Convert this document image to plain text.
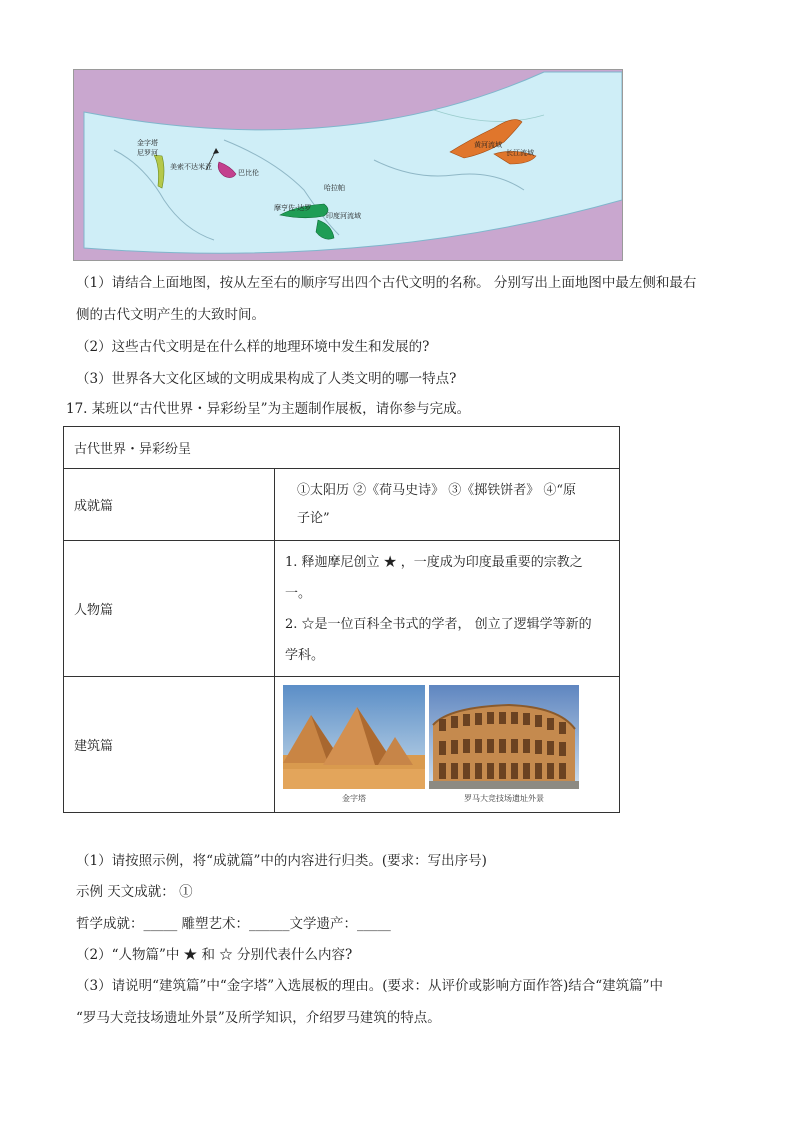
金字塔
尼罗河
美索不达米亚
巴比伦
摩亨佐·达罗
哈拉帕
印度河流域
黄河流域
长江流域
（1）请结合上面地图，按从左至右的顺序写出四个古代文明的名称。 分别写出上面地图中最左侧和最右
侧的古代文明产生的大致时间。
（2）这些古代文明是在什么样的地理环境中发生和发展的?
（3）世界各大文化区域的文明成果构成了人类文明的哪一特点?
17. 某班以“古代世界・异彩纷呈”为主题制作展板，请你参与完成。
古代世界・异彩纷呈	
成就篇	①太阳历 ②《荷马史诗》 ③《掷铁饼者》 ④“原
子论”

人物篇	1. 释迦摩尼创立 ★ ，一度成为印度最重要的宗教之
一。
2. ☆是一位百科全书式的学者， 创立了逻辑学等新的
学科。

建筑篇	金字塔 罗马大竞技场遗址外景
（1）请按照示例，将“成就篇”中的内容进行归类。(要求：写出序号)
示例 天文成就： ①
哲学成就：_____ 雕塑艺术：______文学遗产：_____
（2）“人物篇”中 ★ 和 ☆ 分别代表什么内容?
（3）请说明“建筑篇”中“金字塔”入选展板的理由。(要求：从评价或影响方面作答)结合“建筑篇”中
“罗马大竞技场遗址外景”及所学知识，介绍罗马建筑的特点。
